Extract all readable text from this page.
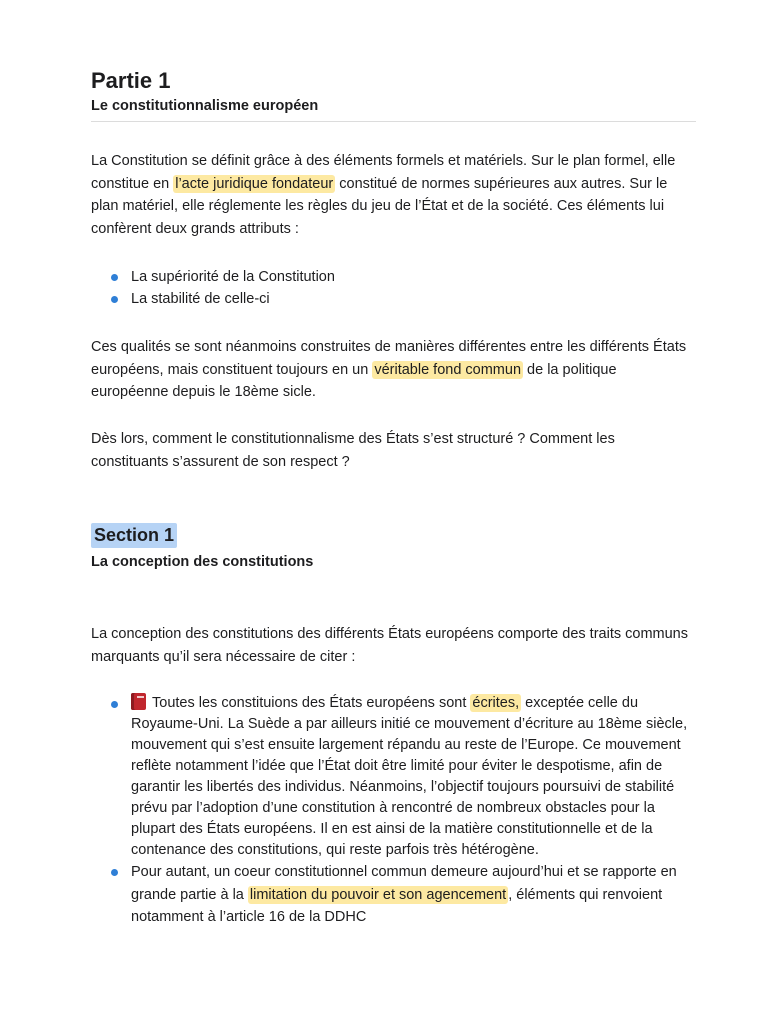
Partie 1

Le constitutionnalisme européen

La Constitution se définit grâce à des éléments formels et matériels. Sur le plan formel, elle constitue en l’acte juridique fondateur constitué de normes supérieures aux autres. Sur le plan matériel, elle réglemente les règles du jeu de l’État et de la société. Ces éléments lui confèrent deux grands attributs :

La supériorité de la Constitution
La stabilité de celle-ci

Ces qualités se sont néanmoins construites de manières différentes entre les différents États européens, mais constituent toujours en un véritable fond commun de la politique européenne depuis le 18ème sicle.

Dès lors, comment le constitutionnalisme des États s’est structuré ? Comment les constituants s’assurent de son respect ?

Section 1

La conception des constitutions

La conception des constitutions des différents États européens comporte des traits communs marquants qu’il sera nécessaire de citer :

Toutes les constituions des États européens sont écrites, exceptée celle du Royaume-Uni. La Suède a par ailleurs initié ce mouvement d’écriture au 18ème siècle, mouvement qui s’est ensuite largement répandu au reste de l’Europe. Ce mouvement reflète notamment l’idée que l’État doit être limité pour éviter le despotisme, afin de garantir les libertés des individus. Néanmoins, l’objectif toujours poursuivi de stabilité prévu par l’adoption d’une constitution à rencontré de nombreux obstacles pour la plupart des États européens. Il en est ainsi de la matière constitutionnelle et de la contenance des constitutions, qui reste parfois très hétérogène.
Pour autant, un coeur constitutionnel commun demeure aujourd’hui et se rapporte en grande partie à la limitation du pouvoir et son agencement , éléments qui renvoient notamment à l’article 16 de la DDHC
